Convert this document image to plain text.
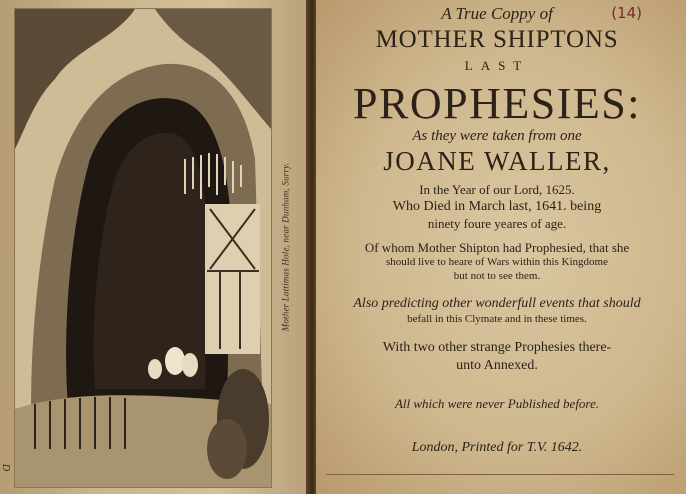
Mother Lattimas Hole, near Dunham, Surry.
D
(14)
A True Coppy of
MOTHER SHIPTONS
LAST
PROPHESIES:
As they were taken from one
JOANE WALLER,
In the Year of our Lord, 1625.
Who Died in March last, 1641. being
ninety foure yeares of age.
Of whom Mother Shipton had Prophesied, that she
should live to heare of Wars within this Kingdome
but not to see them.
Also predicting other wonderfull events that should
befall in this Clymate and in these times.
With two other strange Prophesies there-
unto Annexed.
All which were never Published before.
London, Printed for T.V. 1642.
